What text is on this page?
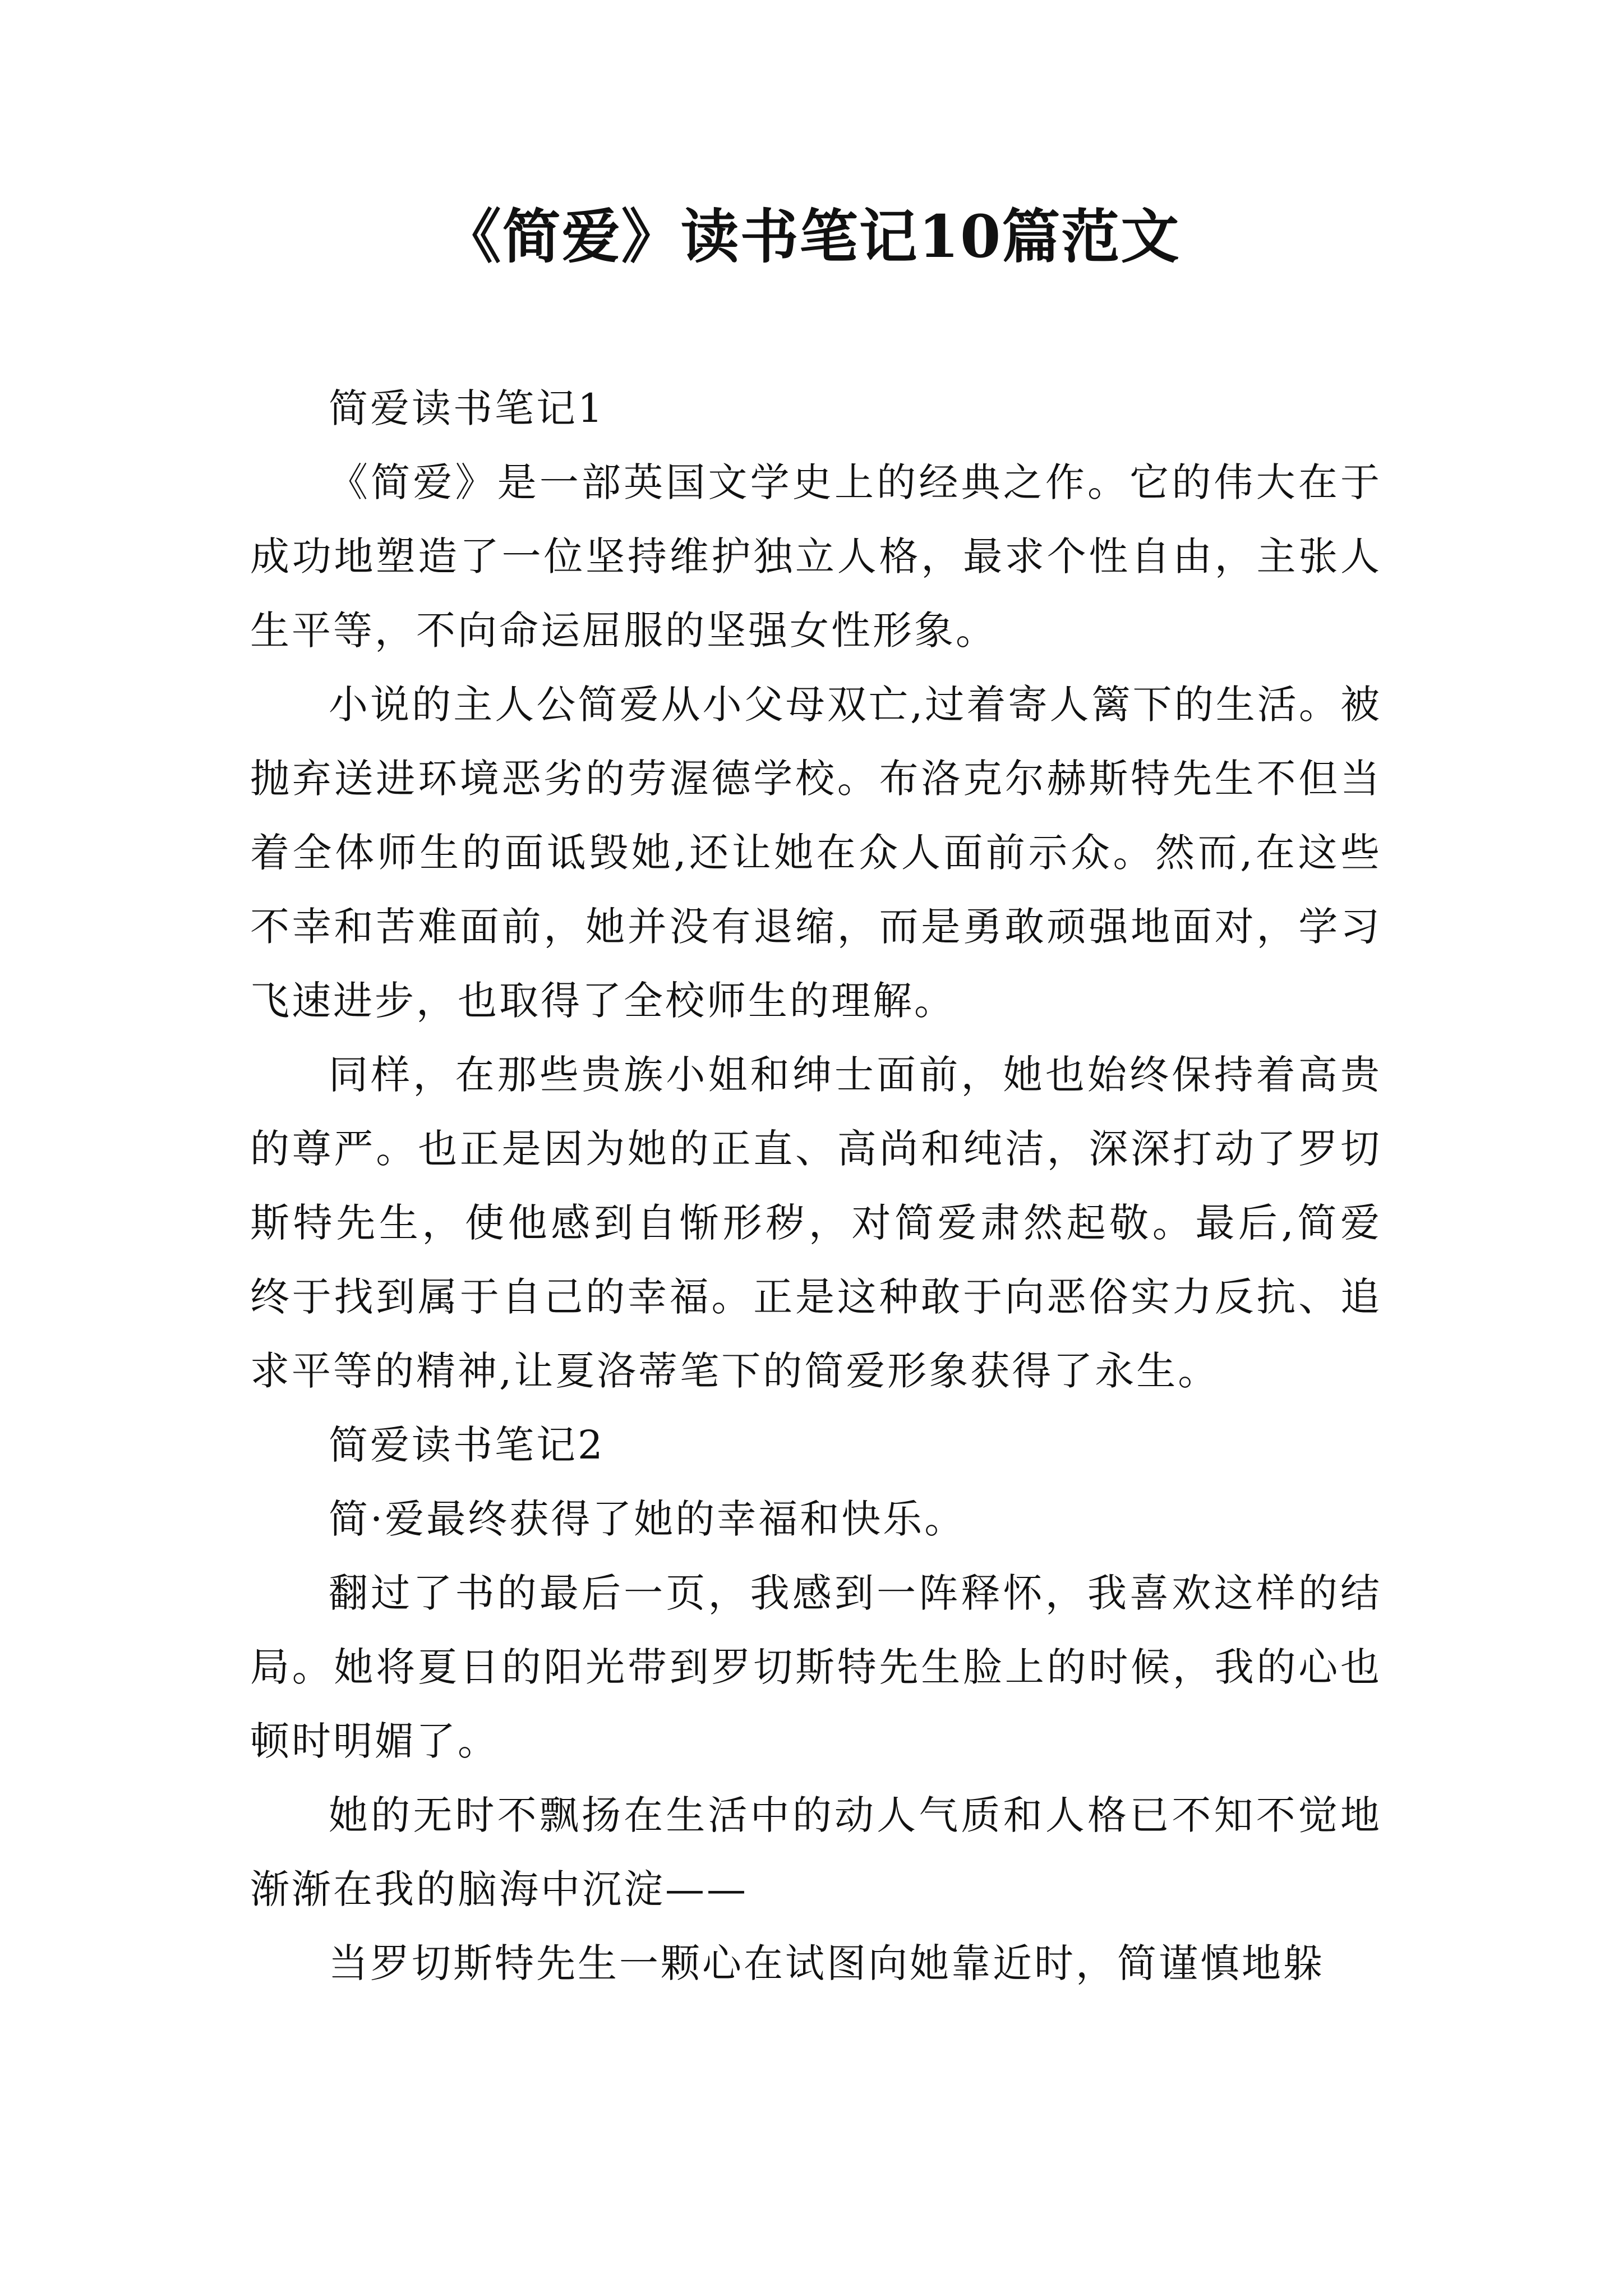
《简爱》读书笔记10篇范文

简爱读书笔记1

《简爱》是一部英国文学史上的经典之作。它的伟大在于成功地塑造了一位坚持维护独立人格，最求个性自由，主张人生平等，不向命运屈服的坚强女性形象。

小说的主人公简爱从小父母双亡,过着寄人篱下的生活。被抛弃送进环境恶劣的劳渥德学校。布洛克尔赫斯特先生不但当着全体师生的面诋毁她,还让她在众人面前示众。然而,在这些不幸和苦难面前，她并没有退缩，而是勇敢顽强地面对，学习飞速进步，也取得了全校师生的理解。

同样，在那些贵族小姐和绅士面前，她也始终保持着高贵的尊严。也正是因为她的正直、高尚和纯洁，深深打动了罗切斯特先生，使他感到自惭形秽，对简爱肃然起敬。最后,简爱终于找到属于自己的幸福。正是这种敢于向恶俗实力反抗、追求平等的精神,让夏洛蒂笔下的简爱形象获得了永生。

简爱读书笔记2

简·爱最终获得了她的幸福和快乐。

翻过了书的最后一页，我感到一阵释怀，我喜欢这样的结局。她将夏日的阳光带到罗切斯特先生脸上的时候，我的心也顿时明媚了。

她的无时不飘扬在生活中的动人气质和人格已不知不觉地渐渐在我的脑海中沉淀——

当罗切斯特先生一颗心在试图向她靠近时，简谨慎地躲
